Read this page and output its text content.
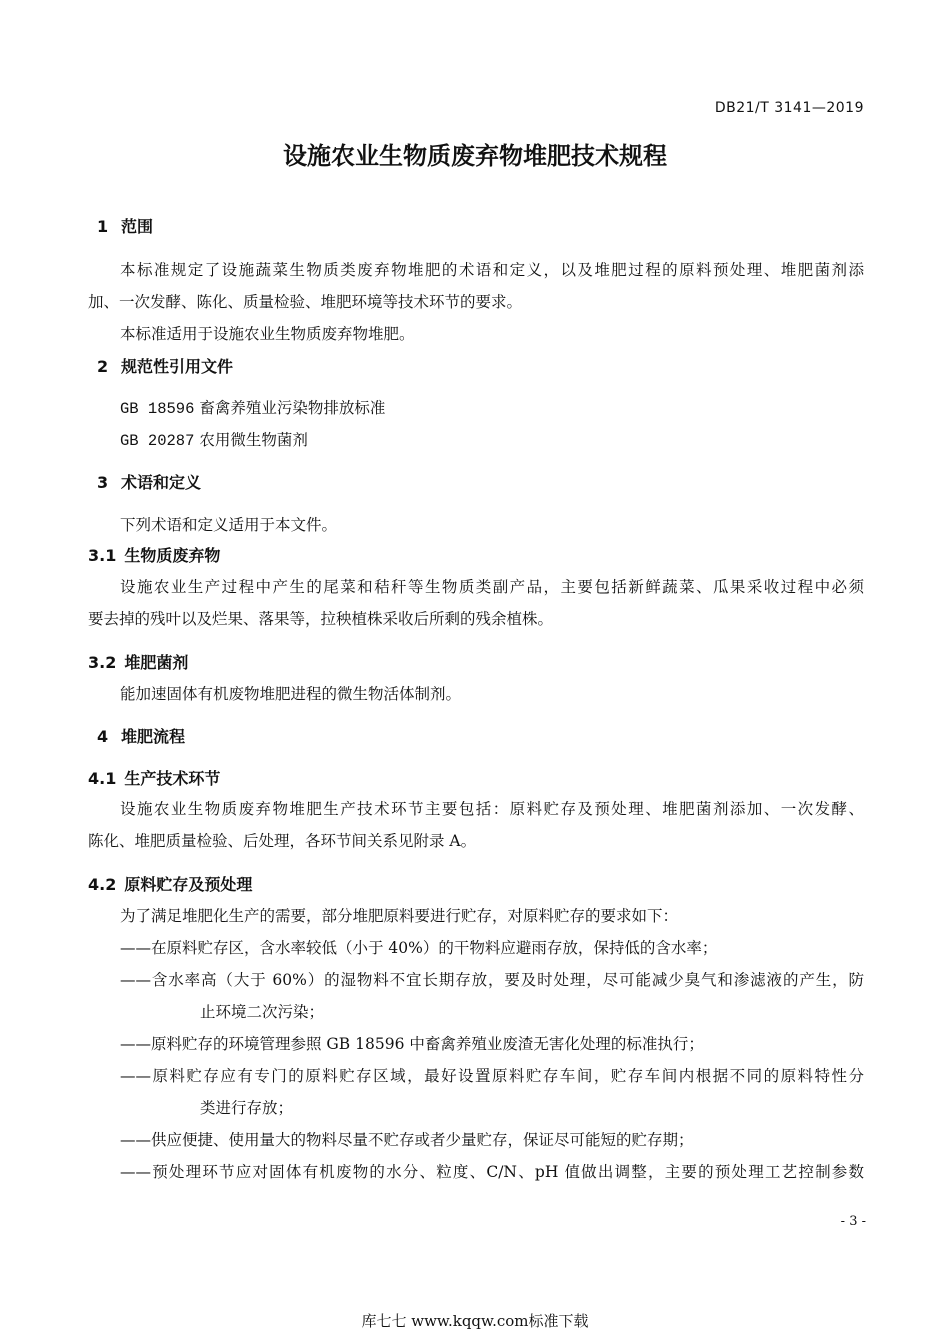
DB21/T 3141—2019
设施农业生物质废弃物堆肥技术规程
1 范围
本标准规定了设施蔬菜生物质类废弃物堆肥的术语和定义，以及堆肥过程的原料预处理、堆肥菌剂添
加、一次发酵、陈化、质量检验、堆肥环境等技术环节的要求。
本标准适用于设施农业生物质废弃物堆肥。
2 规范性引用文件
GB 18596 畜禽养殖业污染物排放标准
GB 20287 农用微生物菌剂
3 术语和定义
下列术语和定义适用于本文件。
3.1 生物质废弃物
设施农业生产过程中产生的尾菜和秸秆等生物质类副产品，主要包括新鲜蔬菜、瓜果采收过程中必须
要去掉的残叶以及烂果、落果等，拉秧植株采收后所剩的残余植株。
3.2 堆肥菌剂
能加速固体有机废物堆肥进程的微生物活体制剂。
4 堆肥流程
4.1 生产技术环节
设施农业生物质废弃物堆肥生产技术环节主要包括：原料贮存及预处理、堆肥菌剂添加、一次发酵、
陈化、堆肥质量检验、后处理，各环节间关系见附录 A。
4.2 原料贮存及预处理
为了满足堆肥化生产的需要，部分堆肥原料要进行贮存，对原料贮存的要求如下：
——在原料贮存区，含水率较低（小于 40%）的干物料应避雨存放，保持低的含水率；
——含水率高（大于 60%）的湿物料不宜长期存放，要及时处理，尽可能减少臭气和渗滤液的产生，防
止环境二次污染；
——原料贮存的环境管理参照 GB 18596 中畜禽养殖业废渣无害化处理的标准执行；
——原料贮存应有专门的原料贮存区域，最好设置原料贮存车间，贮存车间内根据不同的原料特性分
类进行存放；
——供应便捷、使用量大的物料尽量不贮存或者少量贮存，保证尽可能短的贮存期；
——预处理环节应对固体有机废物的水分、粒度、C/N、pH 值做出调整，主要的预处理工艺控制参数
- 3 -
库七七 www.kqqw.com标准下载
